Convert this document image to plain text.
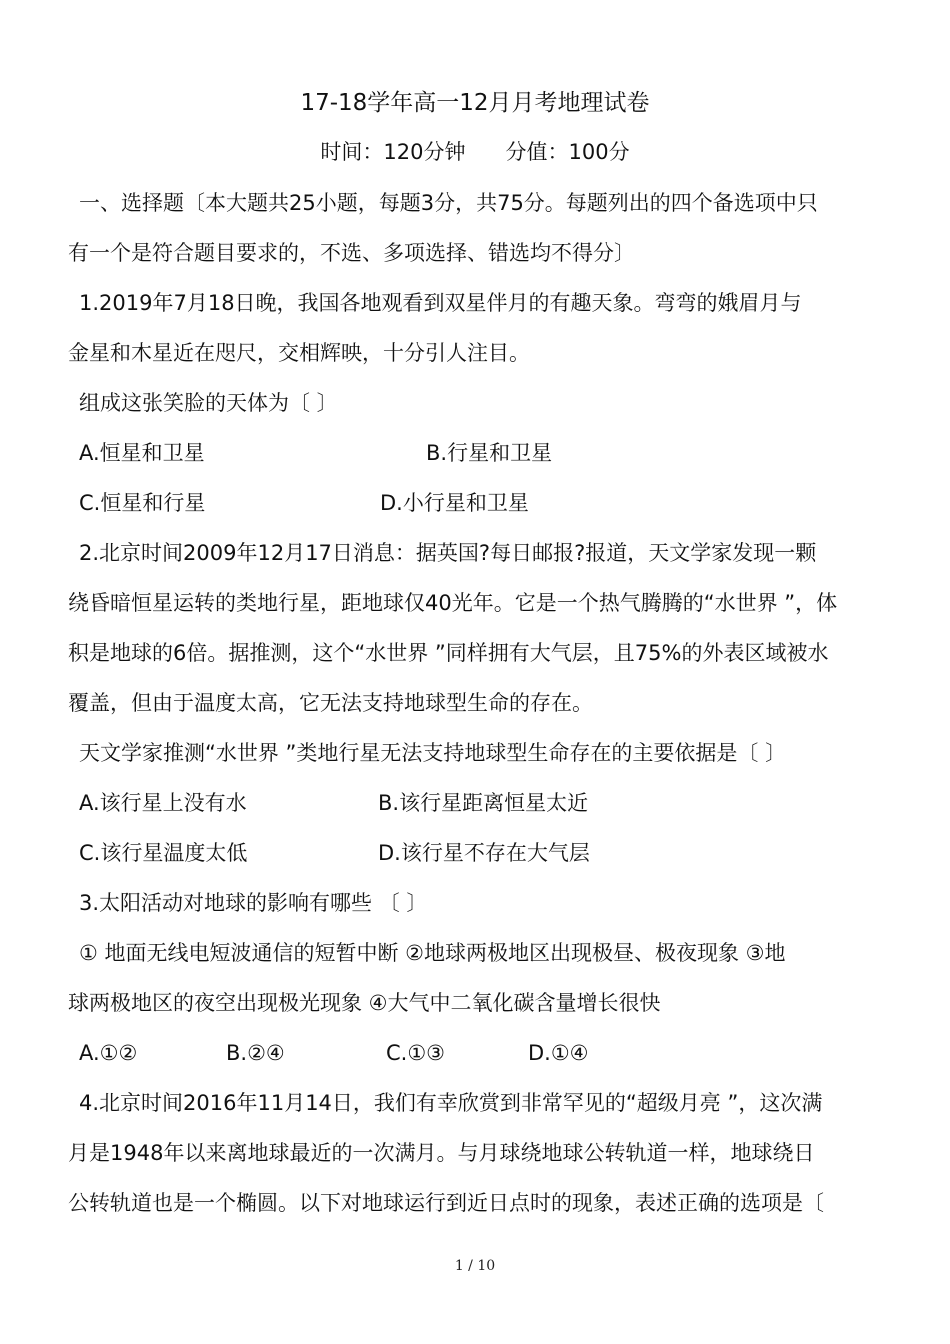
17-18学年高一12月月考地理试卷
时间：120分钟      分值：100分
一、选择题〔本大题共25小题，每题3分，共75分。每题列出的四个备选项中只
有一个是符合题目要求的，不选、多项选择、错选均不得分〕
1.2019年7月18日晚，我国各地观看到双星伴月的有趣天象。弯弯的娥眉月与
金星和木星近在咫尺，交相辉映，十分引人注目。
组成这张笑脸的天体为〔 〕
A.恒星和卫星	B.行星和卫星
C.恒星和行星	D.小行星和卫星
2.北京时间2009年12月17日消息：据英国?每日邮报?报道，天文学家发现一颗
绕昏暗恒星运转的类地行星，距地球仅40光年。它是一个热气腾腾的“水世界 ”，体
积是地球的6倍。据推测，这个“水世界 ”同样拥有大气层，且75%的外表区域被水
覆盖，但由于温度太高，它无法支持地球型生命的存在。
天文学家推测“水世界 ”类地行星无法支持地球型生命存在的主要依据是〔 〕
A.该行星上没有水	B.该行星距离恒星太近
C.该行星温度太低	D.该行星不存在大气层
3.太阳活动对地球的影响有哪些 〔 〕
① 地面无线电短波通信的短暂中断 ②地球两极地区出现极昼、极夜现象 ③地
球两极地区的夜空出现极光现象 ④大气中二氧化碳含量增长很快
A.①②	B.②④	C.①③	D.①④
4.北京时间2016年11月14日，我们有幸欣赏到非常罕见的“超级月亮 ”，这次满
月是1948年以来离地球最近的一次满月。与月球绕地球公转轨道一样，地球绕日
公转轨道也是一个椭圆。以下对地球运行到近日点时的现象，表述正确的选项是〔
1 / 10
